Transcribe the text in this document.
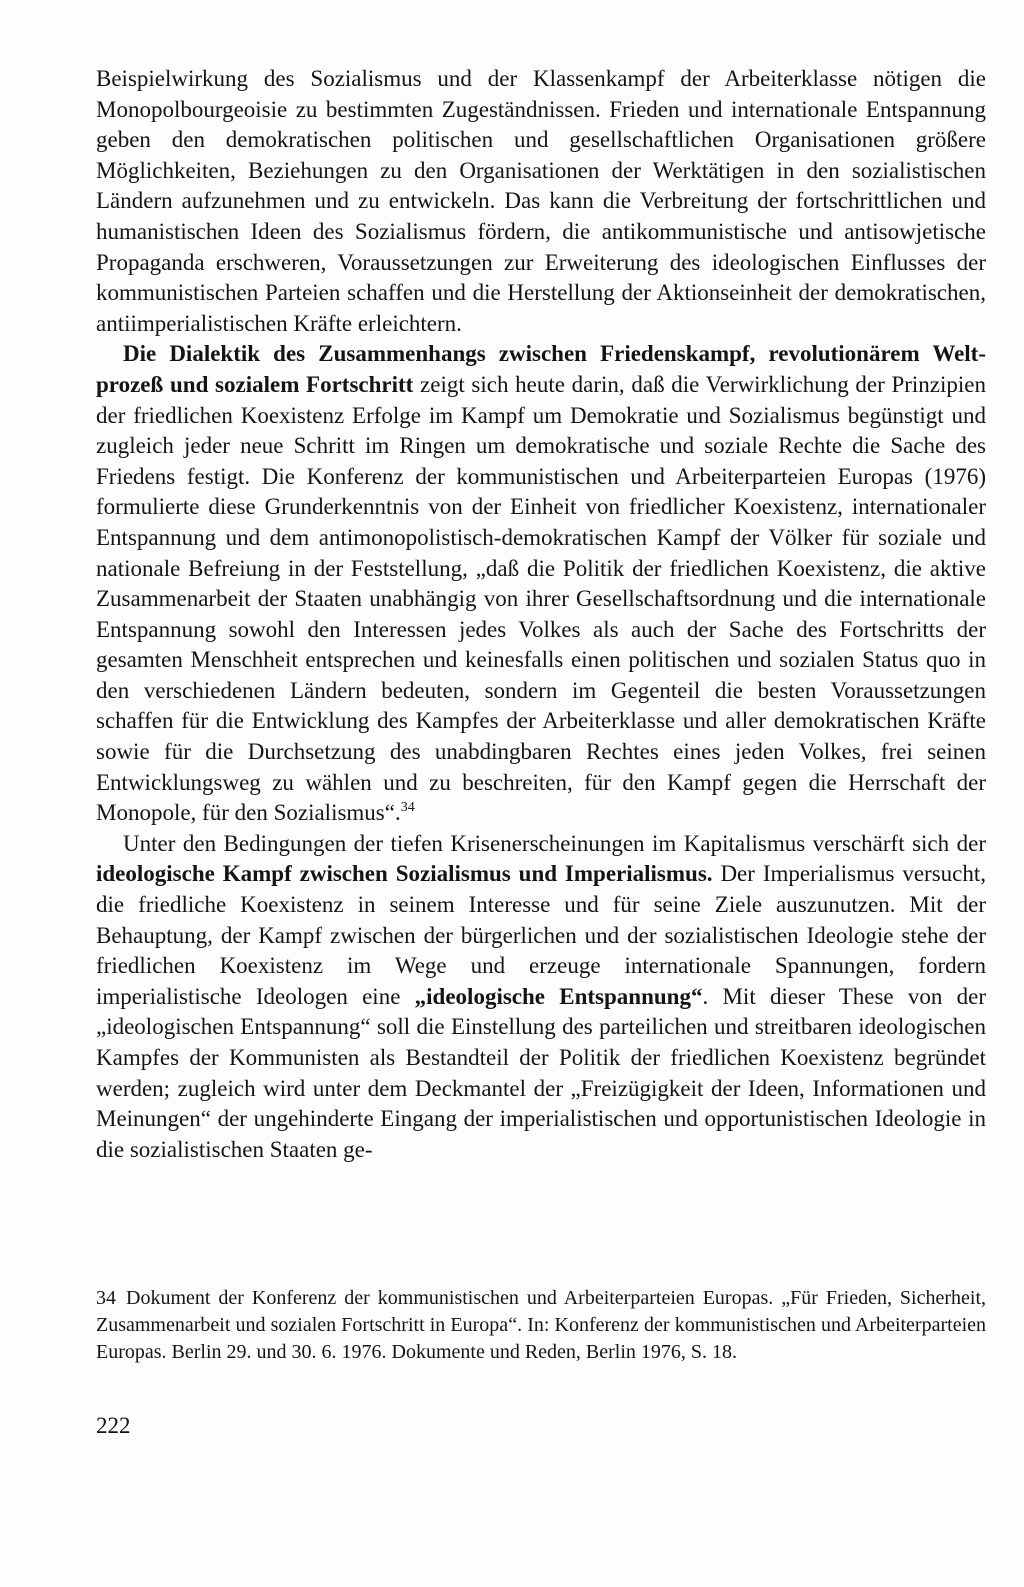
Beispielwirkung des Sozialismus und der Klassenkampf der Arbeiterklasse nötigen die Monopolbourgeoisie zu bestimmten Zugeständnissen. Frieden und internationale Entspannung geben den demokratischen politischen und gesellschaftlichen Organisationen größere Möglichkeiten, Beziehungen zu den Organisationen der Werktätigen in den sozialistischen Ländern aufzunehmen und zu entwickeln. Das kann die Verbreitung der fortschrittlichen und humanistischen Ideen des Sozialismus fördern, die antikommunistische und antisowjetische Propaganda erschweren, Voraussetzungen zur Erweiterung des ideologischen Einflusses der kommunistischen Parteien schaffen und die Herstellung der Aktionseinheit der demokratischen, antiimperialistischen Kräfte erleichtern.

Die Dialektik des Zusammenhangs zwischen Friedenskampf, revolutionärem Weltprozeß und sozialem Fortschritt zeigt sich heute darin, daß die Verwirklichung der Prinzipien der friedlichen Koexistenz Erfolge im Kampf um Demokratie und Sozialismus begünstigt und zugleich jeder neue Schritt im Ringen um demokratische und soziale Rechte die Sache des Friedens festigt. Die Konferenz der kommunistischen und Arbeiterparteien Europas (1976) formulierte diese Grunderkenntnis von der Einheit von friedlicher Koexistenz, internationaler Entspannung und dem antimonopolistisch-demokratischen Kampf der Völker für soziale und nationale Befreiung in der Feststellung, „daß die Politik der friedlichen Koexistenz, die aktive Zusammenarbeit der Staaten unabhängig von ihrer Gesellschaftsordnung und die internationale Entspannung sowohl den Interessen jedes Volkes als auch der Sache des Fortschritts der gesamten Menschheit entsprechen und keinesfalls einen politischen und sozialen Status quo in den verschiedenen Ländern bedeuten, sondern im Gegenteil die besten Voraussetzungen schaffen für die Entwicklung des Kampfes der Arbeiterklasse und aller demokratischen Kräfte sowie für die Durchsetzung des unabdingbaren Rechtes eines jeden Volkes, frei seinen Entwicklungsweg zu wählen und zu beschreiten, für den Kampf gegen die Herrschaft der Monopole, für den Sozialismus“.$^{34}$

Unter den Bedingungen der tiefen Krisenerscheinungen im Kapitalismus verschärft sich der ideologische Kampf zwischen Sozialismus und Imperialismus. Der Imperialismus versucht, die friedliche Koexistenz in seinem Interesse und für seine Ziele auszunutzen. Mit der Behauptung, der Kampf zwischen der bürgerlichen und der sozialistischen Ideologie stehe der friedlichen Koexistenz im Wege und erzeuge internationale Spannungen, fordern imperialistische Ideologen eine „ideologische Entspannung“. Mit dieser These von der „ideologischen Entspannung“ soll die Einstellung des parteilichen und streitbaren ideologischen Kampfes der Kommunisten als Bestandteil der Politik der friedlichen Koexistenz begründet werden; zugleich wird unter dem Deckmantel der „Freizügigkeit der Ideen, Informationen und Meinungen“ der ungehinderte Eingang der imperialistischen und opportunistischen Ideologie in die sozialistischen Staaten ge-

34 Dokument der Konferenz der kommunistischen und Arbeiterparteien Europas. „Für Frieden, Sicherheit, Zusammenarbeit und sozialen Fortschritt in Europa“. In: Konferenz der kommunistischen und Arbeiterparteien Europas. Berlin 29. und 30. 6. 1976. Dokumente und Reden, Berlin 1976, S. 18.
222
